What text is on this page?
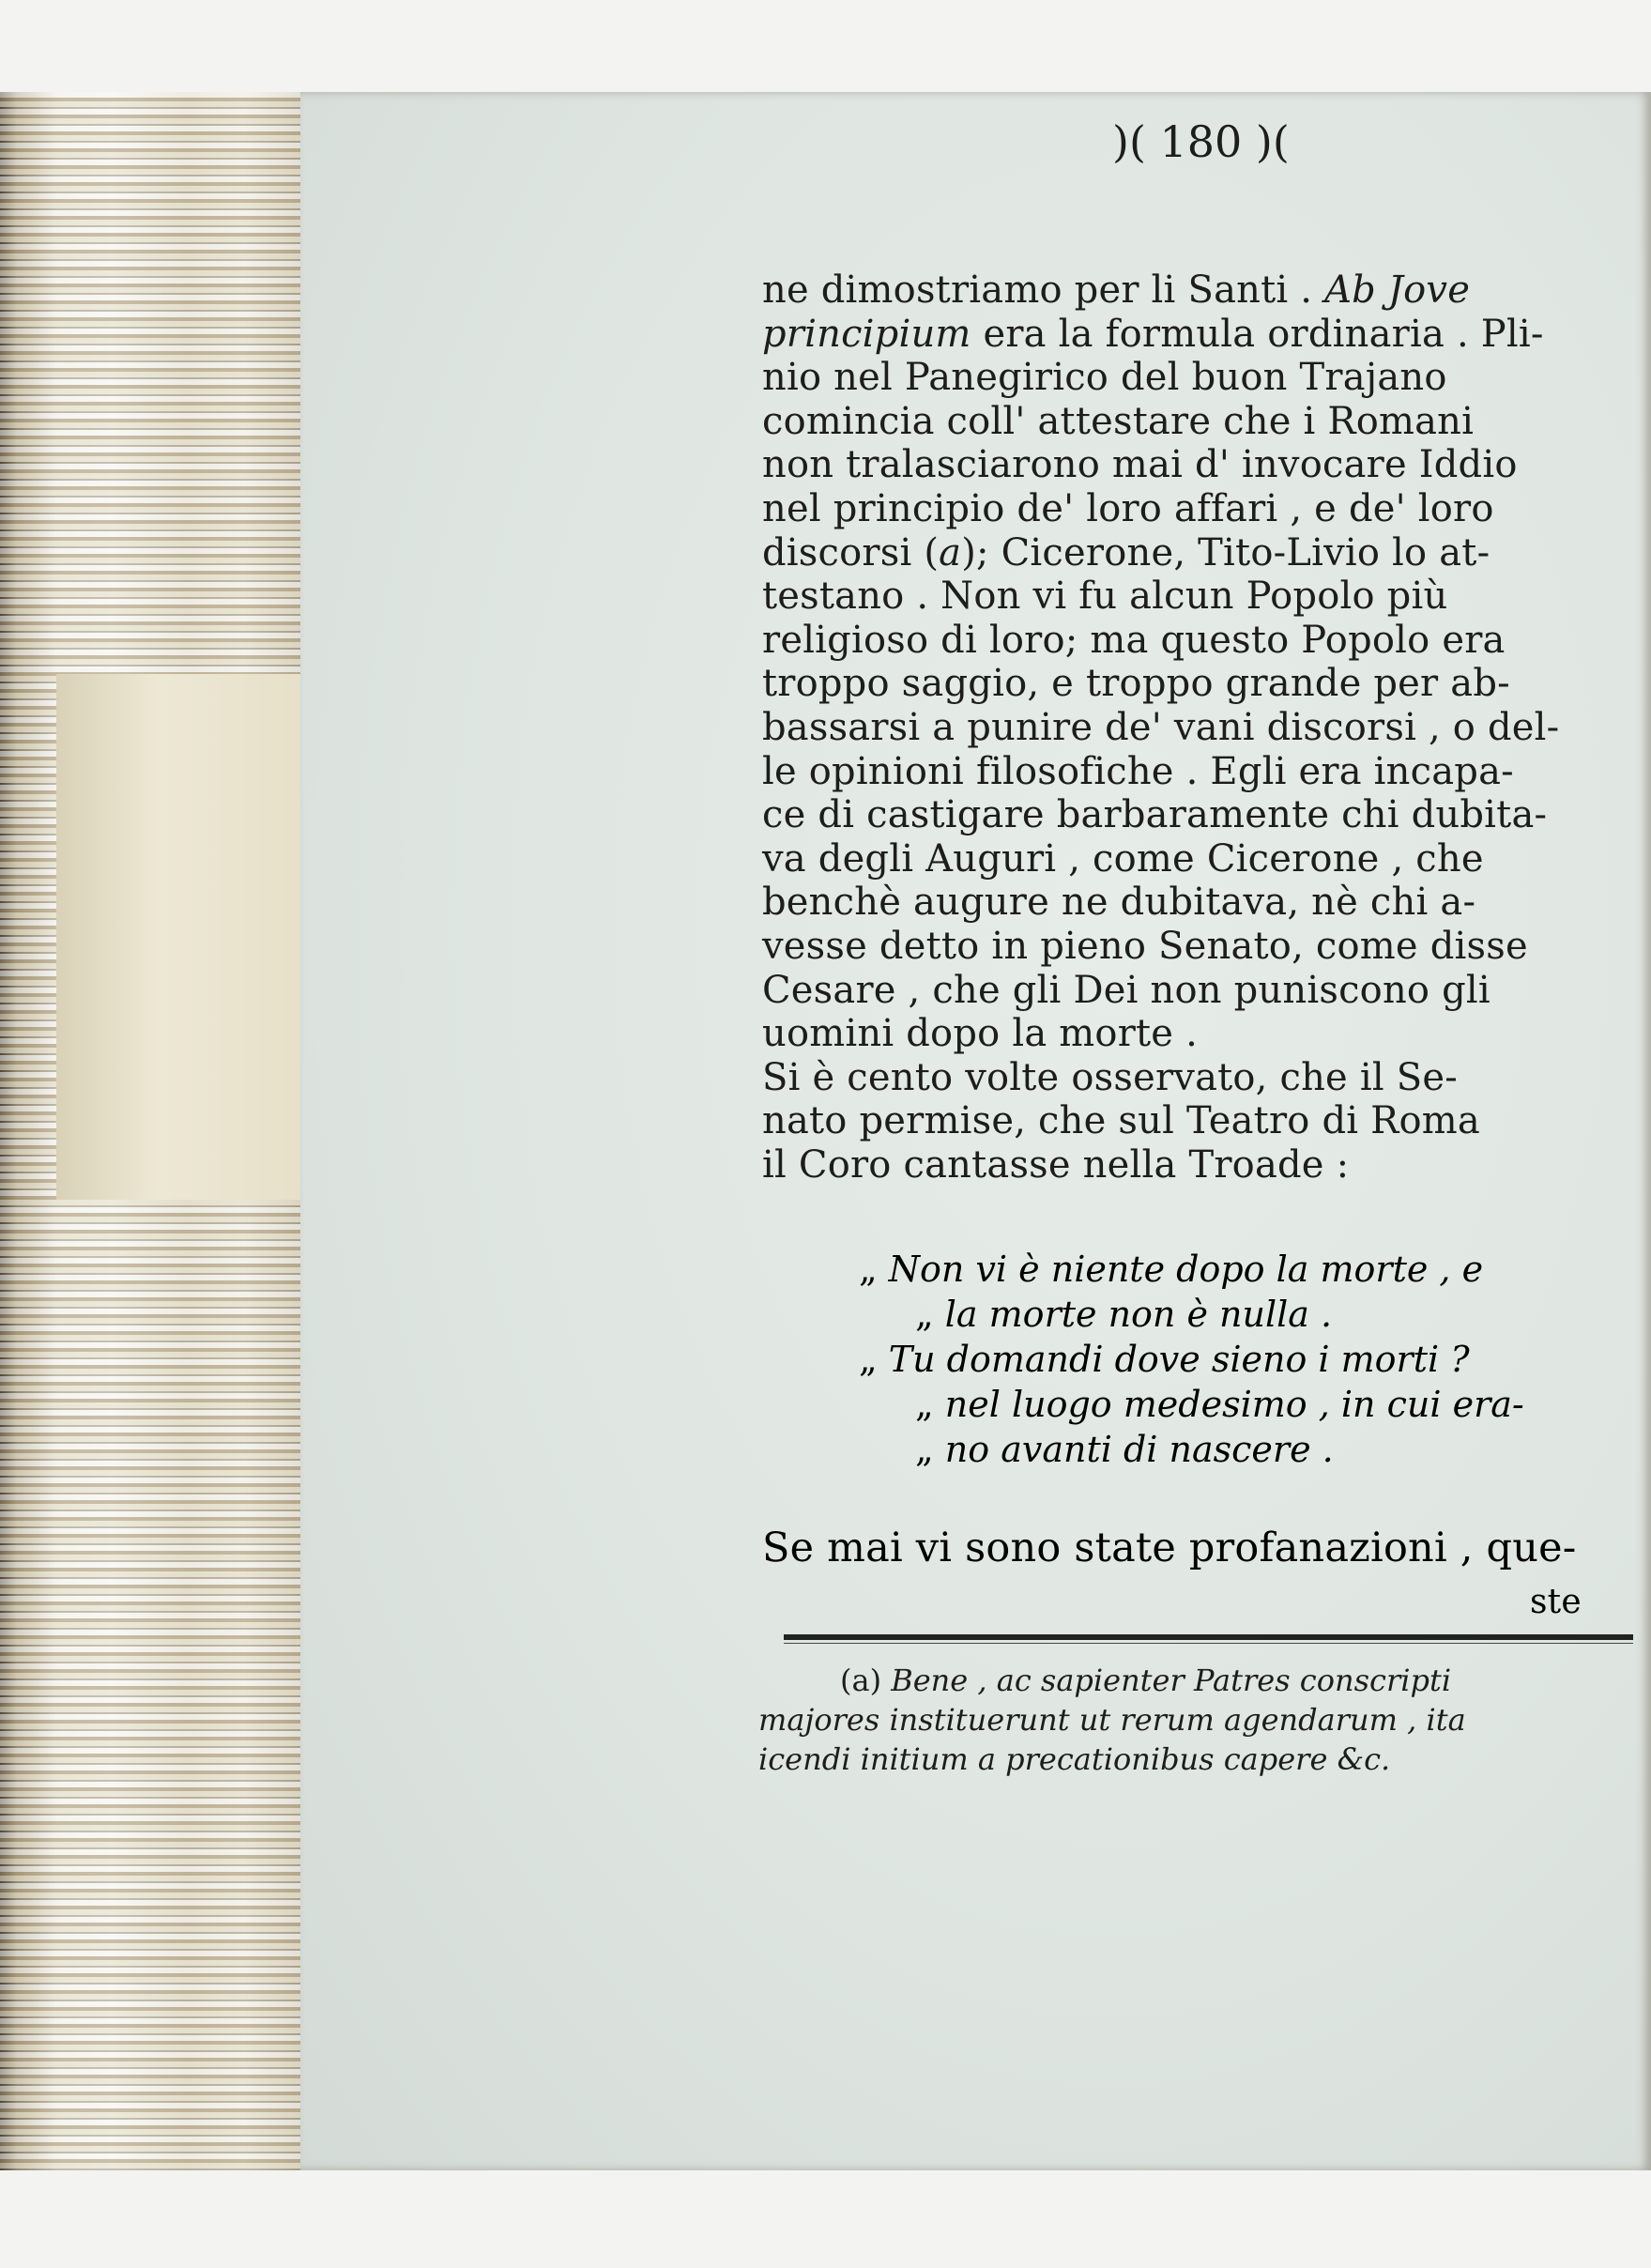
)( 180 )(
ne dimostriamo per li Santi . Ab Jove
principium era la formula ordinaria . Pli-
nio nel Panegirico del buon Trajano
comincia coll' attestare che i Romani
non tralasciarono mai d' invocare Iddio
nel principio de' loro affari , e de' loro
discorsi (a); Cicerone, Tito-Livio lo at-
testano . Non vi fu alcun Popolo più
religioso di loro; ma questo Popolo era
troppo saggio, e troppo grande per ab-
bassarsi a punire de' vani discorsi , o del-
le opinioni filosofiche . Egli era incapa-
ce di castigare barbaramente chi dubita-
va degli Auguri , come Cicerone , che
benchè augure ne dubitava, nè chi a-
vesse detto in pieno Senato, come disse
Cesare , che gli Dei non puniscono gli
uomini dopo la morte .
Si è cento volte osservato, che il Se-
nato permise, che sul Teatro di Roma
il Coro cantasse nella Troade :
„ Non vi è niente dopo la morte , e
„ la morte non è nulla .
„ Tu domandi dove sieno i morti ?
„ nel luogo medesimo , in cui era-
„ no avanti di nascere .
Se mai vi sono state profanazioni , que-
ste
(a) Bene , ac sapienter Patres conscripti
majores instituerunt ut rerum agendarum , ita
icendi initium a precationibus capere &c.
